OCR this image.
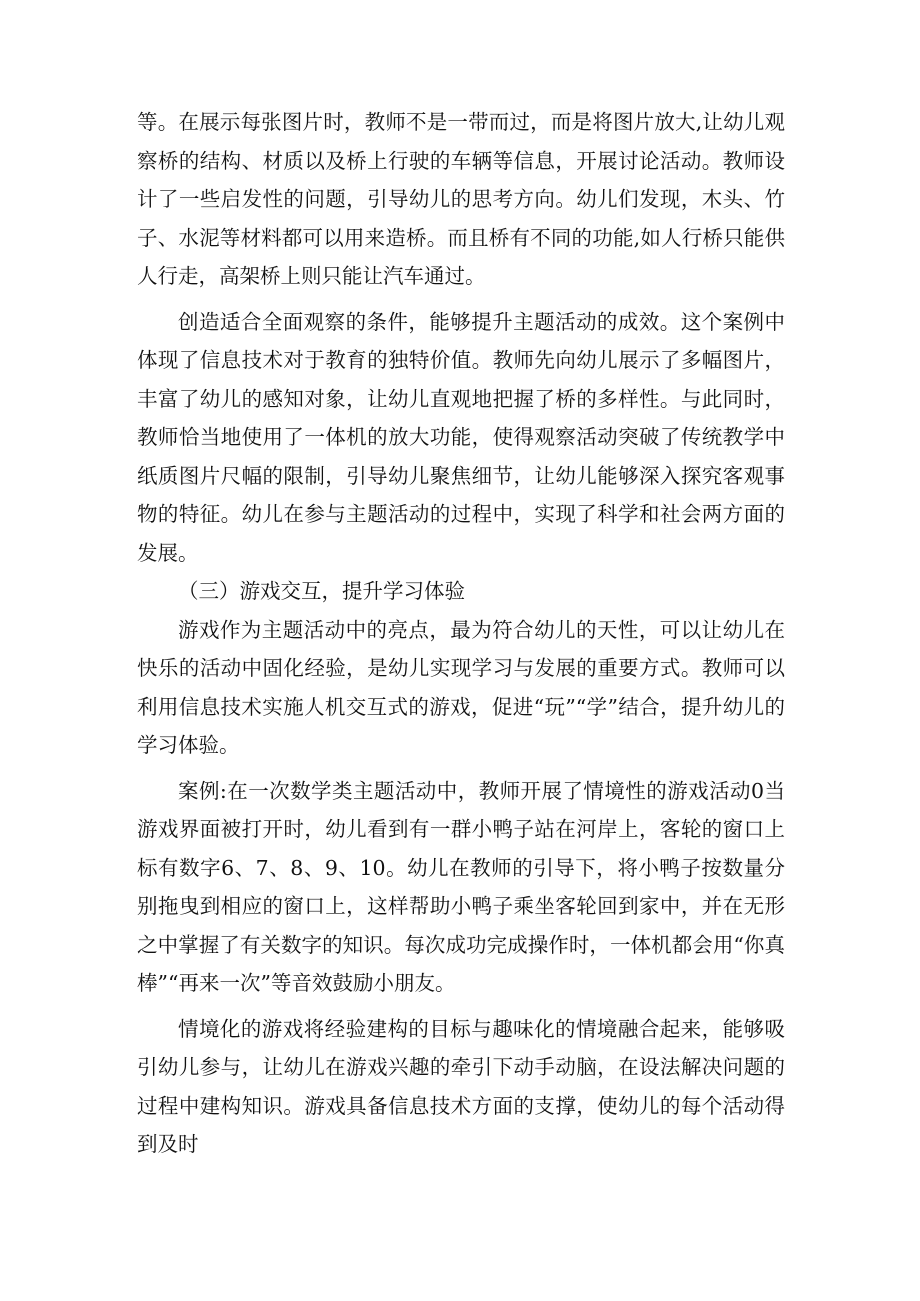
等。在展示每张图片时，教师不是一带而过，而是将图片放大,让幼儿观察桥的结构、材质以及桥上行驶的车辆等信息，开展讨论活动。教师设计了一些启发性的问题，引导幼儿的思考方向。幼儿们发现，木头、竹子、水泥等材料都可以用来造桥。而且桥有不同的功能,如人行桥只能供人行走，高架桥上则只能让汽车通过。

创造适合全面观察的条件，能够提升主题活动的成效。这个案例中体现了信息技术对于教育的独特价值。教师先向幼儿展示了多幅图片，丰富了幼儿的感知对象，让幼儿直观地把握了桥的多样性。与此同时，教师恰当地使用了一体机的放大功能，使得观察活动突破了传统教学中纸质图片尺幅的限制，引导幼儿聚焦细节，让幼儿能够深入探究客观事物的特征。幼儿在参与主题活动的过程中，实现了科学和社会两方面的发展。

（三）游戏交互，提升学习体验

游戏作为主题活动中的亮点，最为符合幼儿的天性，可以让幼儿在快乐的活动中固化经验，是幼儿实现学习与发展的重要方式。教师可以利用信息技术实施人机交互式的游戏，促进“玩”“学”结合，提升幼儿的学习体验。

案例:在一次数学类主题活动中，教师开展了情境性的游戏活动0当游戏界面被打开时，幼儿看到有一群小鸭子站在河岸上，客轮的窗口上标有数字6、7、8、9、10。幼儿在教师的引导下，将小鸭子按数量分别拖曳到相应的窗口上，这样帮助小鸭子乘坐客轮回到家中，并在无形之中掌握了有关数字的知识。每次成功完成操作时，一体机都会用“你真棒”“再来一次”等音效鼓励小朋友。

情境化的游戏将经验建构的目标与趣味化的情境融合起来，能够吸引幼儿参与，让幼儿在游戏兴趣的牵引下动手动脑，在设法解决问题的过程中建构知识。游戏具备信息技术方面的支撑，使幼儿的每个活动得到及时
